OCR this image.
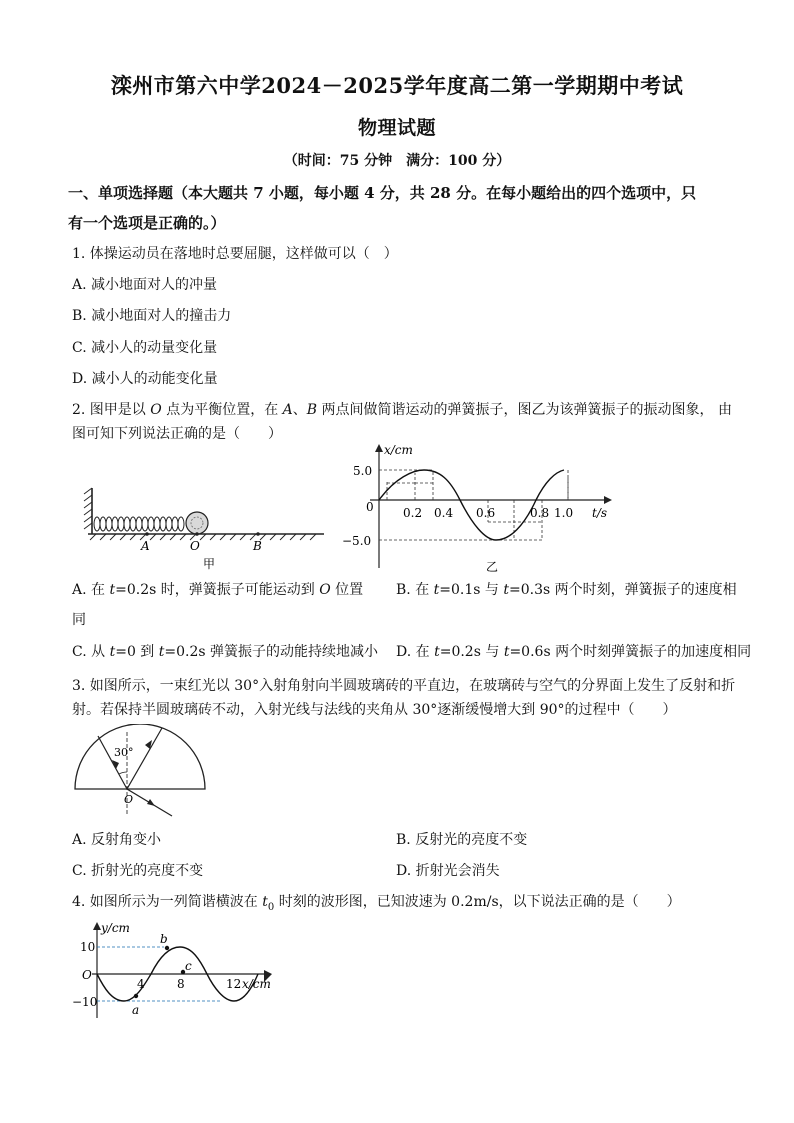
滦州市第六中学2024－2025学年度高二第一学期期中考试
物理试题
（时间：75 分钟　满分：100 分）
一、单项选择题（本大题共 7 小题，每小题 4 分，共 28 分。在每小题给出的四个选项中，只
有一个选项是正确的。）
1. 体操运动员在落地时总要屈腿，这样做可以（　）
A. 减小地面对人的冲量
B. 减小地面对人的撞击力
C. 减小人的动量变化量
D. 减小人的动能变化量
2. 图甲是以 O 点为平衡位置，在 A、B 两点间做简谐运动的弹簧振子，图乙为该弹簧振子的振动图象， 由
图可知下列说法正确的是（　　）
A	O	B
甲
x/cm
t/s
0
5.0
−5.0
0.2 0.4 0.6	0.8 1.0
乙
A. 在 t=0.2s 时，弹簧振子可能运动到 O 位置 B. 在 t=0.1s 与 t=0.3s 两个时刻，弹簧振子的速度相
同
C. 从 t=0 到 t=0.2s 弹簧振子的动能持续地减小 D. 在 t=0.2s 与 t=0.6s 两个时刻弹簧振子的加速度相同
3. 如图所示，一束红光以 30°入射角射向半圆玻璃砖的平直边，在玻璃砖与空气的分界面上发生了反射和折
射。若保持半圆玻璃砖不动，入射光线与法线的夹角从 30°逐渐缓慢增大到 90°的过程中（　　）
30°
O
A. 反射角变小	B. 反射光的亮度不变
C. 折射光的亮度不变	D. 折射光会消失
4. 如图所示为一列简谐横波在 $t_0$ 时刻的波形图，已知波速为 0.2m/s，以下说法正确的是（　　）
a
b
c
y/cm
O
10
−10
4	8	12 x/cm
